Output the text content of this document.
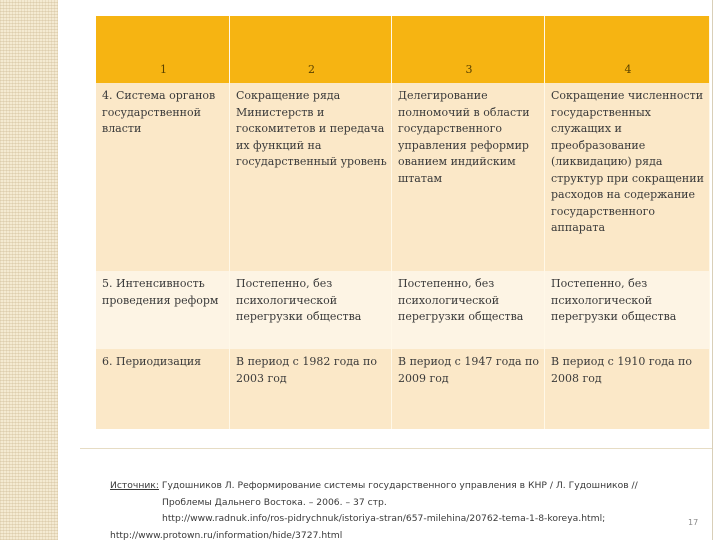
1	2	3	4

4. Система органов государственной власти	Сокращение ряда Министерств и госкомитетов и передача их функций на государственный уровень	Делегирование полномочий в области государственного управления реформир ованием индийским штатам	Сокращение численности государственных служащих и преобразование (ликвидацию) ряда структур при сокращении расходов на содержание государственного аппарата
5. Интенсивность проведения реформ	Постепенно, без психологической перегрузки общества	Постепенно, без психологической перегрузки общества	Постепенно, без психологической перегрузки общества
6. Периодизация	В период с 1982 года по 2003 год	В период с 1947 года по 2009 год	В период с 1910 года по 2008 год
Источник: Гудошников Л. Реформирование системы государственного управления в КНР / Л. Гудошников //
Проблемы Дальнего Востока. – 2006. – 37 стр.
http://www.radnuk.info/ros-pidrychnuk/istoriya-stran/657-milehina/20762-tema-1-8-koreya.html;
http://www.protown.ru/information/hide/3727.html
17
